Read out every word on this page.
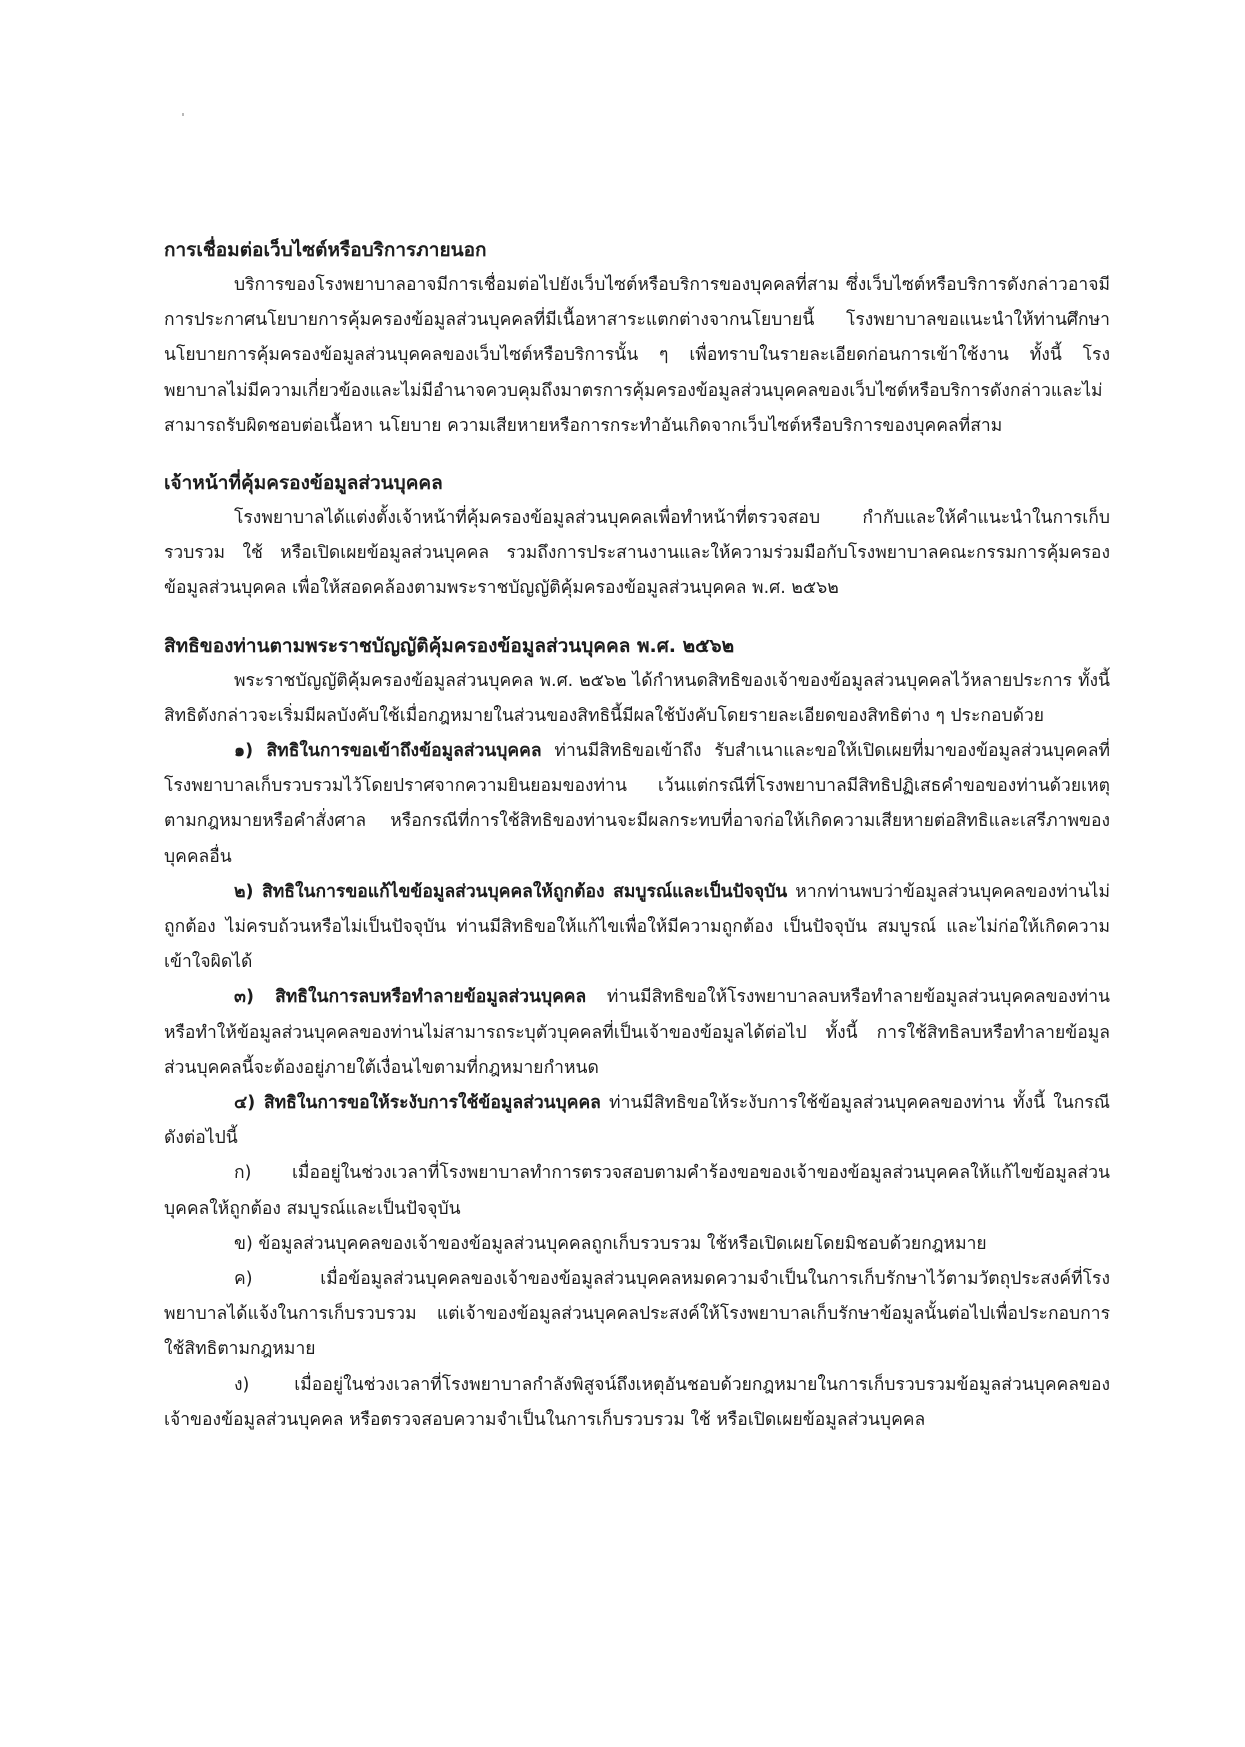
การเชื่อมต่อเว็บไซต์หรือบริการภายนอก

บริการของโรงพยาบาลอาจมีการเชื่อมต่อไปยังเว็บไซต์หรือบริการของบุคคลที่สาม ซึ่งเว็บไซต์หรือบริการดังกล่าวอาจมีการประกาศนโยบายการคุ้มครองข้อมูลส่วนบุคคลที่มีเนื้อหาสาระแตกต่างจากนโยบายนี้ โรงพยาบาลขอแนะนำให้ท่านศึกษานโยบายการคุ้มครองข้อมูลส่วนบุคคลของเว็บไซต์หรือบริการนั้น ๆ เพื่อทราบในรายละเอียดก่อนการเข้าใช้งาน ทั้งนี้ โรงพยาบาลไม่มีความเกี่ยวข้องและไม่มีอำนาจควบคุมถึงมาตรการคุ้มครองข้อมูลส่วนบุคคลของเว็บไซต์หรือบริการดังกล่าวและไม่สามารถรับผิดชอบต่อเนื้อหา นโยบาย ความเสียหายหรือการกระทำอันเกิดจากเว็บไซต์หรือบริการของบุคคลที่สาม

เจ้าหน้าที่คุ้มครองข้อมูลส่วนบุคคล

โรงพยาบาลได้แต่งตั้งเจ้าหน้าที่คุ้มครองข้อมูลส่วนบุคคลเพื่อทำหน้าที่ตรวจสอบ กำกับและให้คำแนะนำในการเก็บรวบรวม ใช้ หรือเปิดเผยข้อมูลส่วนบุคคล รวมถึงการประสานงานและให้ความร่วมมือกับโรงพยาบาลคณะกรรมการคุ้มครองข้อมูลส่วนบุคคล เพื่อให้สอดคล้องตามพระราชบัญญัติคุ้มครองข้อมูลส่วนบุคคล พ.ศ. ๒๕๖๒

สิทธิของท่านตามพระราชบัญญัติคุ้มครองข้อมูลส่วนบุคคล พ.ศ. ๒๕๖๒

พระราชบัญญัติคุ้มครองข้อมูลส่วนบุคคล พ.ศ. ๒๕๖๒ ได้กำหนดสิทธิของเจ้าของข้อมูลส่วนบุคคลไว้หลายประการ ทั้งนี้ สิทธิดังกล่าวจะเริ่มมีผลบังคับใช้เมื่อกฎหมายในส่วนของสิทธินี้มีผลใช้บังคับโดยรายละเอียดของสิทธิต่าง ๆ ประกอบด้วย

๑) สิทธิในการขอเข้าถึงข้อมูลส่วนบุคคล ท่านมีสิทธิขอเข้าถึง รับสำเนาและขอให้เปิดเผยที่มาของข้อมูลส่วนบุคคลที่โรงพยาบาลเก็บรวบรวมไว้โดยปราศจากความยินยอมของท่าน เว้นแต่กรณีที่โรงพยาบาลมีสิทธิปฏิเสธคำขอของท่านด้วยเหตุตามกฎหมายหรือคำสั่งศาล หรือกรณีที่การใช้สิทธิของท่านจะมีผลกระทบที่อาจก่อให้เกิดความเสียหายต่อสิทธิและเสรีภาพของบุคคลอื่น

๒) สิทธิในการขอแก้ไขข้อมูลส่วนบุคคลให้ถูกต้อง สมบูรณ์และเป็นปัจจุบัน หากท่านพบว่าข้อมูลส่วนบุคคลของท่านไม่ถูกต้อง ไม่ครบถ้วนหรือไม่เป็นปัจจุบัน ท่านมีสิทธิขอให้แก้ไขเพื่อให้มีความถูกต้อง เป็นปัจจุบัน สมบูรณ์ และไม่ก่อให้เกิดความเข้าใจผิดได้

๓) สิทธิในการลบหรือทำลายข้อมูลส่วนบุคคล ท่านมีสิทธิขอให้โรงพยาบาลลบหรือทำลายข้อมูลส่วนบุคคลของท่าน หรือทำให้ข้อมูลส่วนบุคคลของท่านไม่สามารถระบุตัวบุคคลที่เป็นเจ้าของข้อมูลได้ต่อไป ทั้งนี้ การใช้สิทธิลบหรือทำลายข้อมูลส่วนบุคคลนี้จะต้องอยู่ภายใต้เงื่อนไขตามที่กฎหมายกำหนด

๔) สิทธิในการขอให้ระงับการใช้ข้อมูลส่วนบุคคล ท่านมีสิทธิขอให้ระงับการใช้ข้อมูลส่วนบุคคลของท่าน ทั้งนี้ ในกรณีดังต่อไปนี้

ก) เมื่ออยู่ในช่วงเวลาที่โรงพยาบาลทำการตรวจสอบตามคำร้องขอของเจ้าของข้อมูลส่วนบุคคลให้แก้ไขข้อมูลส่วนบุคคลให้ถูกต้อง สมบูรณ์และเป็นปัจจุบัน

ข) ข้อมูลส่วนบุคคลของเจ้าของข้อมูลส่วนบุคคลถูกเก็บรวบรวม ใช้หรือเปิดเผยโดยมิชอบด้วยกฎหมาย

ค) เมื่อข้อมูลส่วนบุคคลของเจ้าของข้อมูลส่วนบุคคลหมดความจำเป็นในการเก็บรักษาไว้ตามวัตถุประสงค์ที่โรงพยาบาลได้แจ้งในการเก็บรวบรวม แต่เจ้าของข้อมูลส่วนบุคคลประสงค์ให้โรงพยาบาลเก็บรักษาข้อมูลนั้นต่อไปเพื่อประกอบการใช้สิทธิตามกฎหมาย

ง) เมื่ออยู่ในช่วงเวลาที่โรงพยาบาลกำลังพิสูจน์ถึงเหตุอันชอบด้วยกฎหมายในการเก็บรวบรวมข้อมูลส่วนบุคคลของเจ้าของข้อมูลส่วนบุคคล หรือตรวจสอบความจำเป็นในการเก็บรวบรวม ใช้ หรือเปิดเผยข้อมูลส่วนบุคคล
